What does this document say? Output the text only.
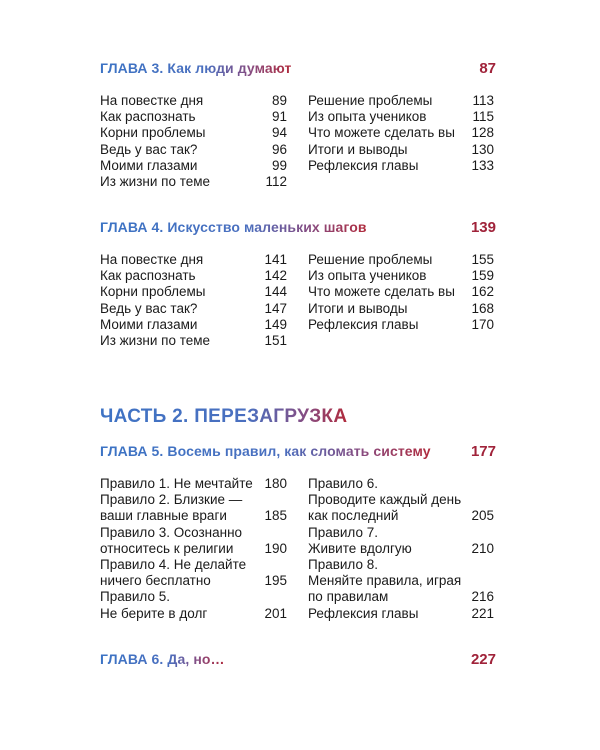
ГЛАВА 3. Как люди думают	87
На повестке дня	89
Как распознать	91
Корни проблемы	94
Ведь у вас так?	96
Моими глазами	99
Из жизни по теме	112
Решение проблемы	113
Из опыта учеников	115
Что можете сделать вы 128
Итоги и выводы	130
Рефлексия главы	133
ГЛАВА 4. Искусство маленьких шагов	139
На повестке дня	141
Как распознать	142
Корни проблемы	144
Ведь у вас так?	147
Моими глазами	149
Из жизни по теме	151
Решение проблемы	155
Из опыта учеников	159
Что можете сделать вы 162
Итоги и выводы	168
Рефлексия главы	170
ЧАСТЬ 2. ПЕРЕЗАГРУЗКА
ГЛАВА 5. Восемь правил, как сломать систему	177
Правило 1. Не мечтайте 180
Правило 2. Близкие —
ваши главные враги	185
Правило 3. Осознанно
относитесь к религии 190
Правило 4. Не делайте
ничего бесплатно	195
Правило 5.
Не берите в долг	201
Правило 6.
Проводите каждый день
как последний	205
Правило 7.
Живите вдолгую	210
Правило 8.
Меняйте правила, играя
по правилам	216
Рефлексия главы	221
ГЛАВА 6. Да, но…	227
